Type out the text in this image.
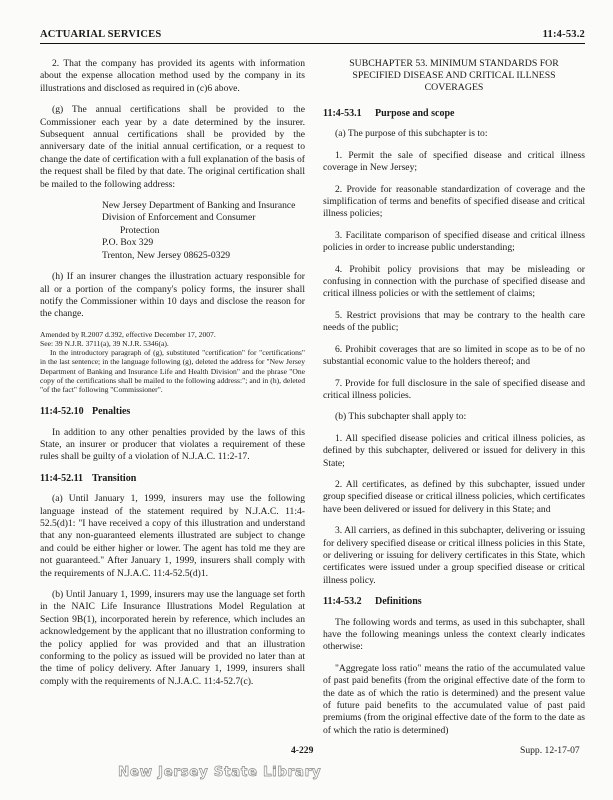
ACTUARIAL SERVICES	11:4-53.2

2. That the company has provided its agents with information about the expense allocation method used by the company in its illustrations and disclosed as required in (c)6 above.

(g) The annual certifications shall be provided to the Commissioner each year by a date determined by the insurer. Subsequent annual certifications shall be provided by the anniversary date of the initial annual certification, or a request to change the date of certification with a full explanation of the basis of the request shall be filed by that date. The original certification shall be mailed to the following address:

New Jersey Department of Banking and Insurance
Division of Enforcement and Consumer
Protection
P.O. Box 329
Trenton, New Jersey 08625-0329

(h) If an insurer changes the illustration actuary responsible for all or a portion of the company's policy forms, the insurer shall notify the Commissioner within 10 days and disclose the reason for the change.

Amended by R.2007 d.392, effective December 17, 2007.
See: 39 N.J.R. 3711(a), 39 N.J.R. 5346(a).
In the introductory paragraph of (g), substituted "certification" for "certifications" in the last sentence; in the language following (g), deleted the address for "New Jersey Department of Banking and Insurance Life and Health Division" and the phrase "One copy of the certifications shall be mailed to the following address:"; and in (h), deleted "of the fact" following "Commissioner".
11:4-52.10 Penalties

In addition to any other penalties provided by the laws of this State, an insurer or producer that violates a requirement of these rules shall be guilty of a violation of N.J.A.C. 11:2-17.

11:4-52.11 Transition

(a) Until January 1, 1999, insurers may use the following language instead of the statement required by N.J.A.C. 11:4-52.5(d)1: "I have received a copy of this illustration and understand that any non-guaranteed elements illustrated are subject to change and could be either higher or lower. The agent has told me they are not guaranteed." After January 1, 1999, insurers shall comply with the requirements of N.J.A.C. 11:4-52.5(d)1.

(b) Until January 1, 1999, insurers may use the language set forth in the NAIC Life Insurance Illustrations Model Regulation at Section 9B(1), incorporated herein by reference, which includes an acknowledgement by the applicant that no illustration conforming to the policy applied for was provided and that an illustration conforming to the policy as issued will be provided no later than at the time of policy delivery. After January 1, 1999, insurers shall comply with the requirements of N.J.A.C. 11:4-52.7(c).

SUBCHAPTER 53. MINIMUM STANDARDS FOR
SPECIFIED DISEASE AND CRITICAL ILLNESS
COVERAGES
11:4-53.1 Purpose and scope

(a) The purpose of this subchapter is to:

1. Permit the sale of specified disease and critical illness coverage in New Jersey;

2. Provide for reasonable standardization of coverage and the simplification of terms and benefits of specified disease and critical illness policies;

3. Facilitate comparison of specified disease and critical illness policies in order to increase public understanding;

4. Prohibit policy provisions that may be misleading or confusing in connection with the purchase of specified disease and critical illness policies or with the settlement of claims;

5. Restrict provisions that may be contrary to the health care needs of the public;

6. Prohibit coverages that are so limited in scope as to be of no substantial economic value to the holders thereof; and

7. Provide for full disclosure in the sale of specified disease and critical illness policies.

(b) This subchapter shall apply to:

1. All specified disease policies and critical illness policies, as defined by this subchapter, delivered or issued for delivery in this State;

2. All certificates, as defined by this subchapter, issued under group specified disease or critical illness policies, which certificates have been delivered or issued for delivery in this State; and

3. All carriers, as defined in this subchapter, delivering or issuing for delivery specified disease or critical illness policies in this State, or delivering or issuing for delivery certificates in this State, which certificates were issued under a group specified disease or critical illness policy.

11:4-53.2 Definitions

The following words and terms, as used in this subchapter, shall have the following meanings unless the context clearly indicates otherwise:

"Aggregate loss ratio" means the ratio of the accumulated value of past paid benefits (from the original effective date of the form to the date as of which the ratio is determined) and the present value of future paid benefits to the accumulated value of past paid premiums (from the original effective date of the form to the date as of which the ratio is determined)

4-229	Supp. 12-17-07
New Jersey State Library
